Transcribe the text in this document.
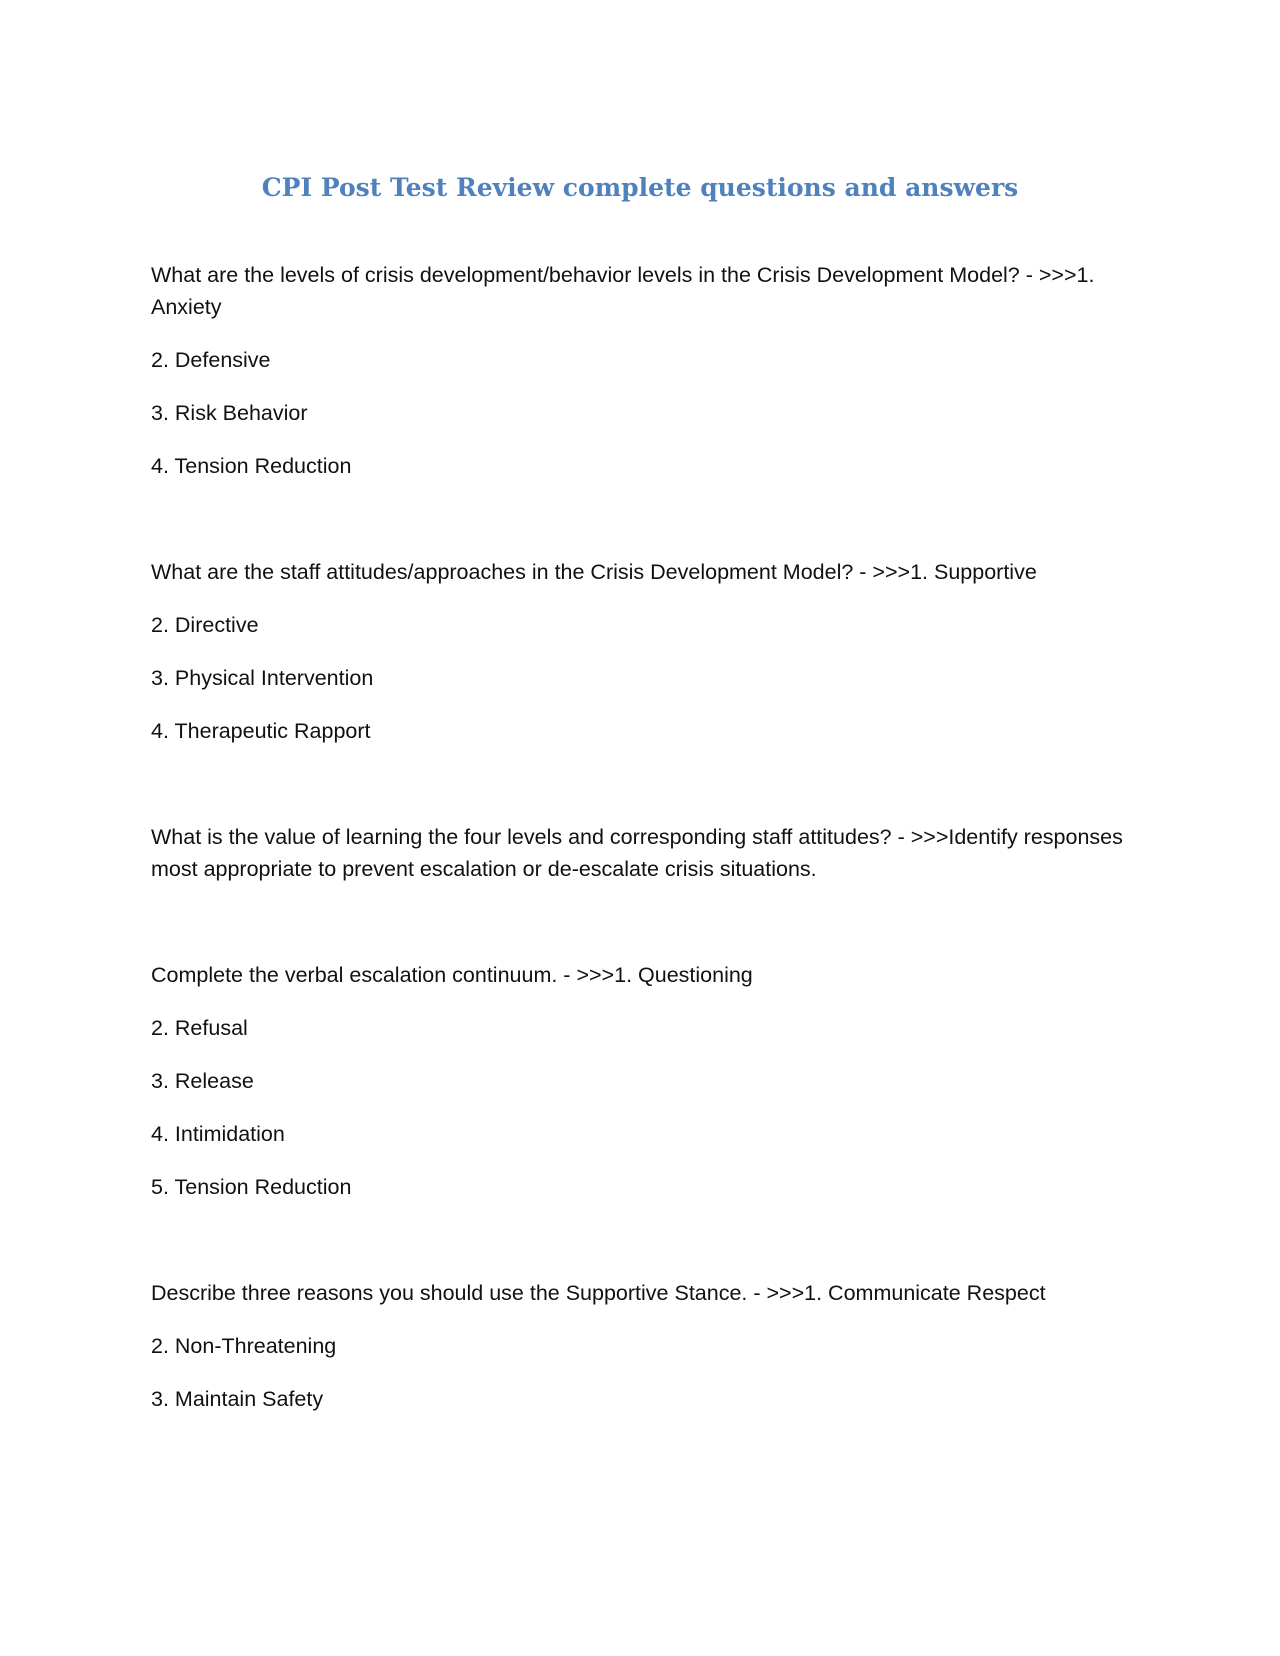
CPI Post Test Review complete questions and answers

What are the levels of crisis development/behavior levels in the Crisis Development Model? - >>>1. Anxiety

2. Defensive

3. Risk Behavior

4. Tension Reduction

What are the staff attitudes/approaches in the Crisis Development Model? - >>>1. Supportive

2. Directive

3. Physical Intervention

4. Therapeutic Rapport

What is the value of learning the four levels and corresponding staff attitudes? - >>>Identify responses most appropriate to prevent escalation or de-escalate crisis situations.

Complete the verbal escalation continuum. - >>>1. Questioning

2. Refusal

3. Release

4. Intimidation

5. Tension Reduction

Describe three reasons you should use the Supportive Stance. - >>>1. Communicate Respect

2. Non-Threatening

3. Maintain Safety
